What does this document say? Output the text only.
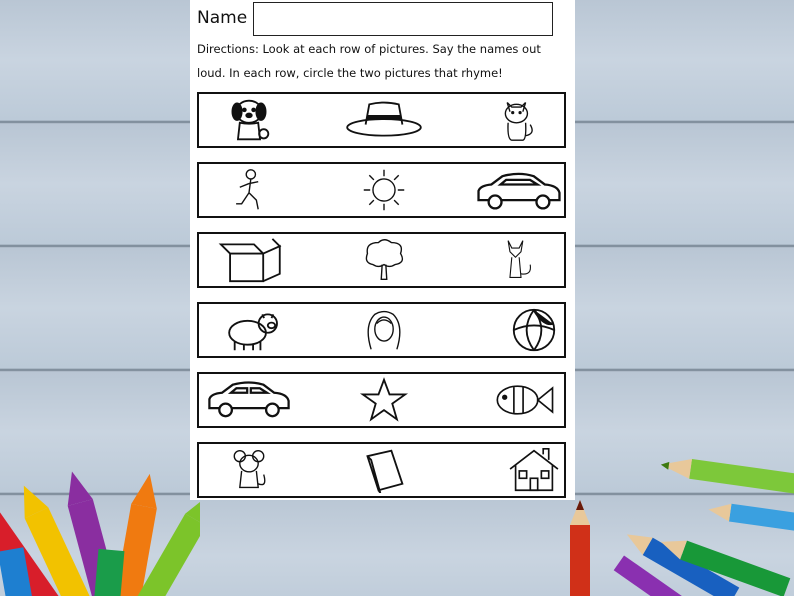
Name
Directions: Look at each row of pictures. Say the names out loud. In each row, circle the two pictures that rhyme!
